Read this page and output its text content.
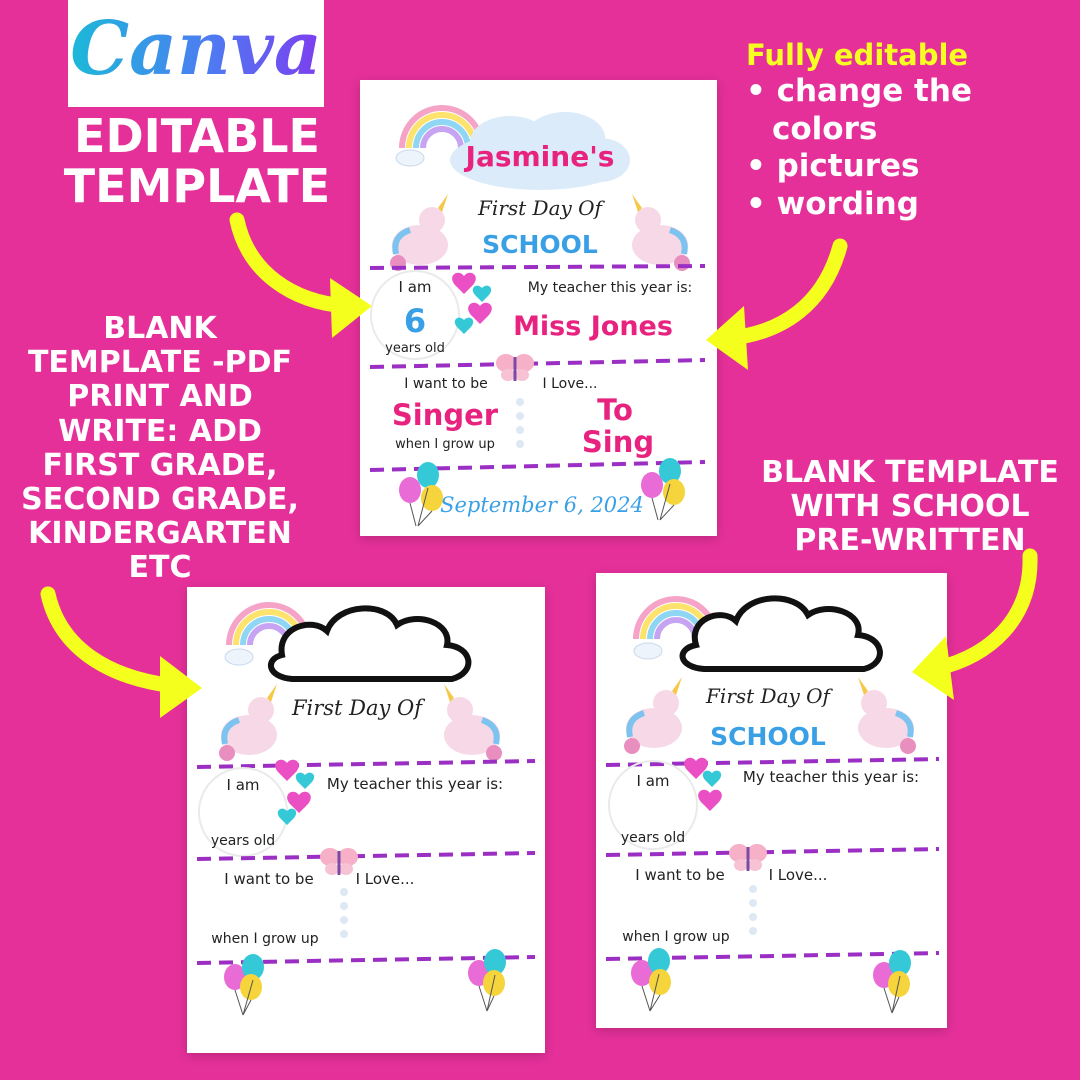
Canva
EDITABLE
TEMPLATE
BLANK
TEMPLATE -PDF
PRINT AND
WRITE: ADD
FIRST GRADE,
SECOND GRADE,
KINDERGARTEN
ETC
BLANK TEMPLATE
WITH SCHOOL
PRE-WRITTEN
Fully editable
• change the
colors
• pictures
• wording
Jasmine's
First Day Of
SCHOOL
I am
6
years old
My teacher this year is:
Miss Jones
I want to be	I Love...
Singer
when I grow up
To
Sing
September 6, 2024
First Day Of
I am
years old
My teacher this year is:
I want to be	I Love...
when I grow up
First Day Of
SCHOOL
I am
years old
My teacher this year is:
I want to be	I Love...
when I grow up
